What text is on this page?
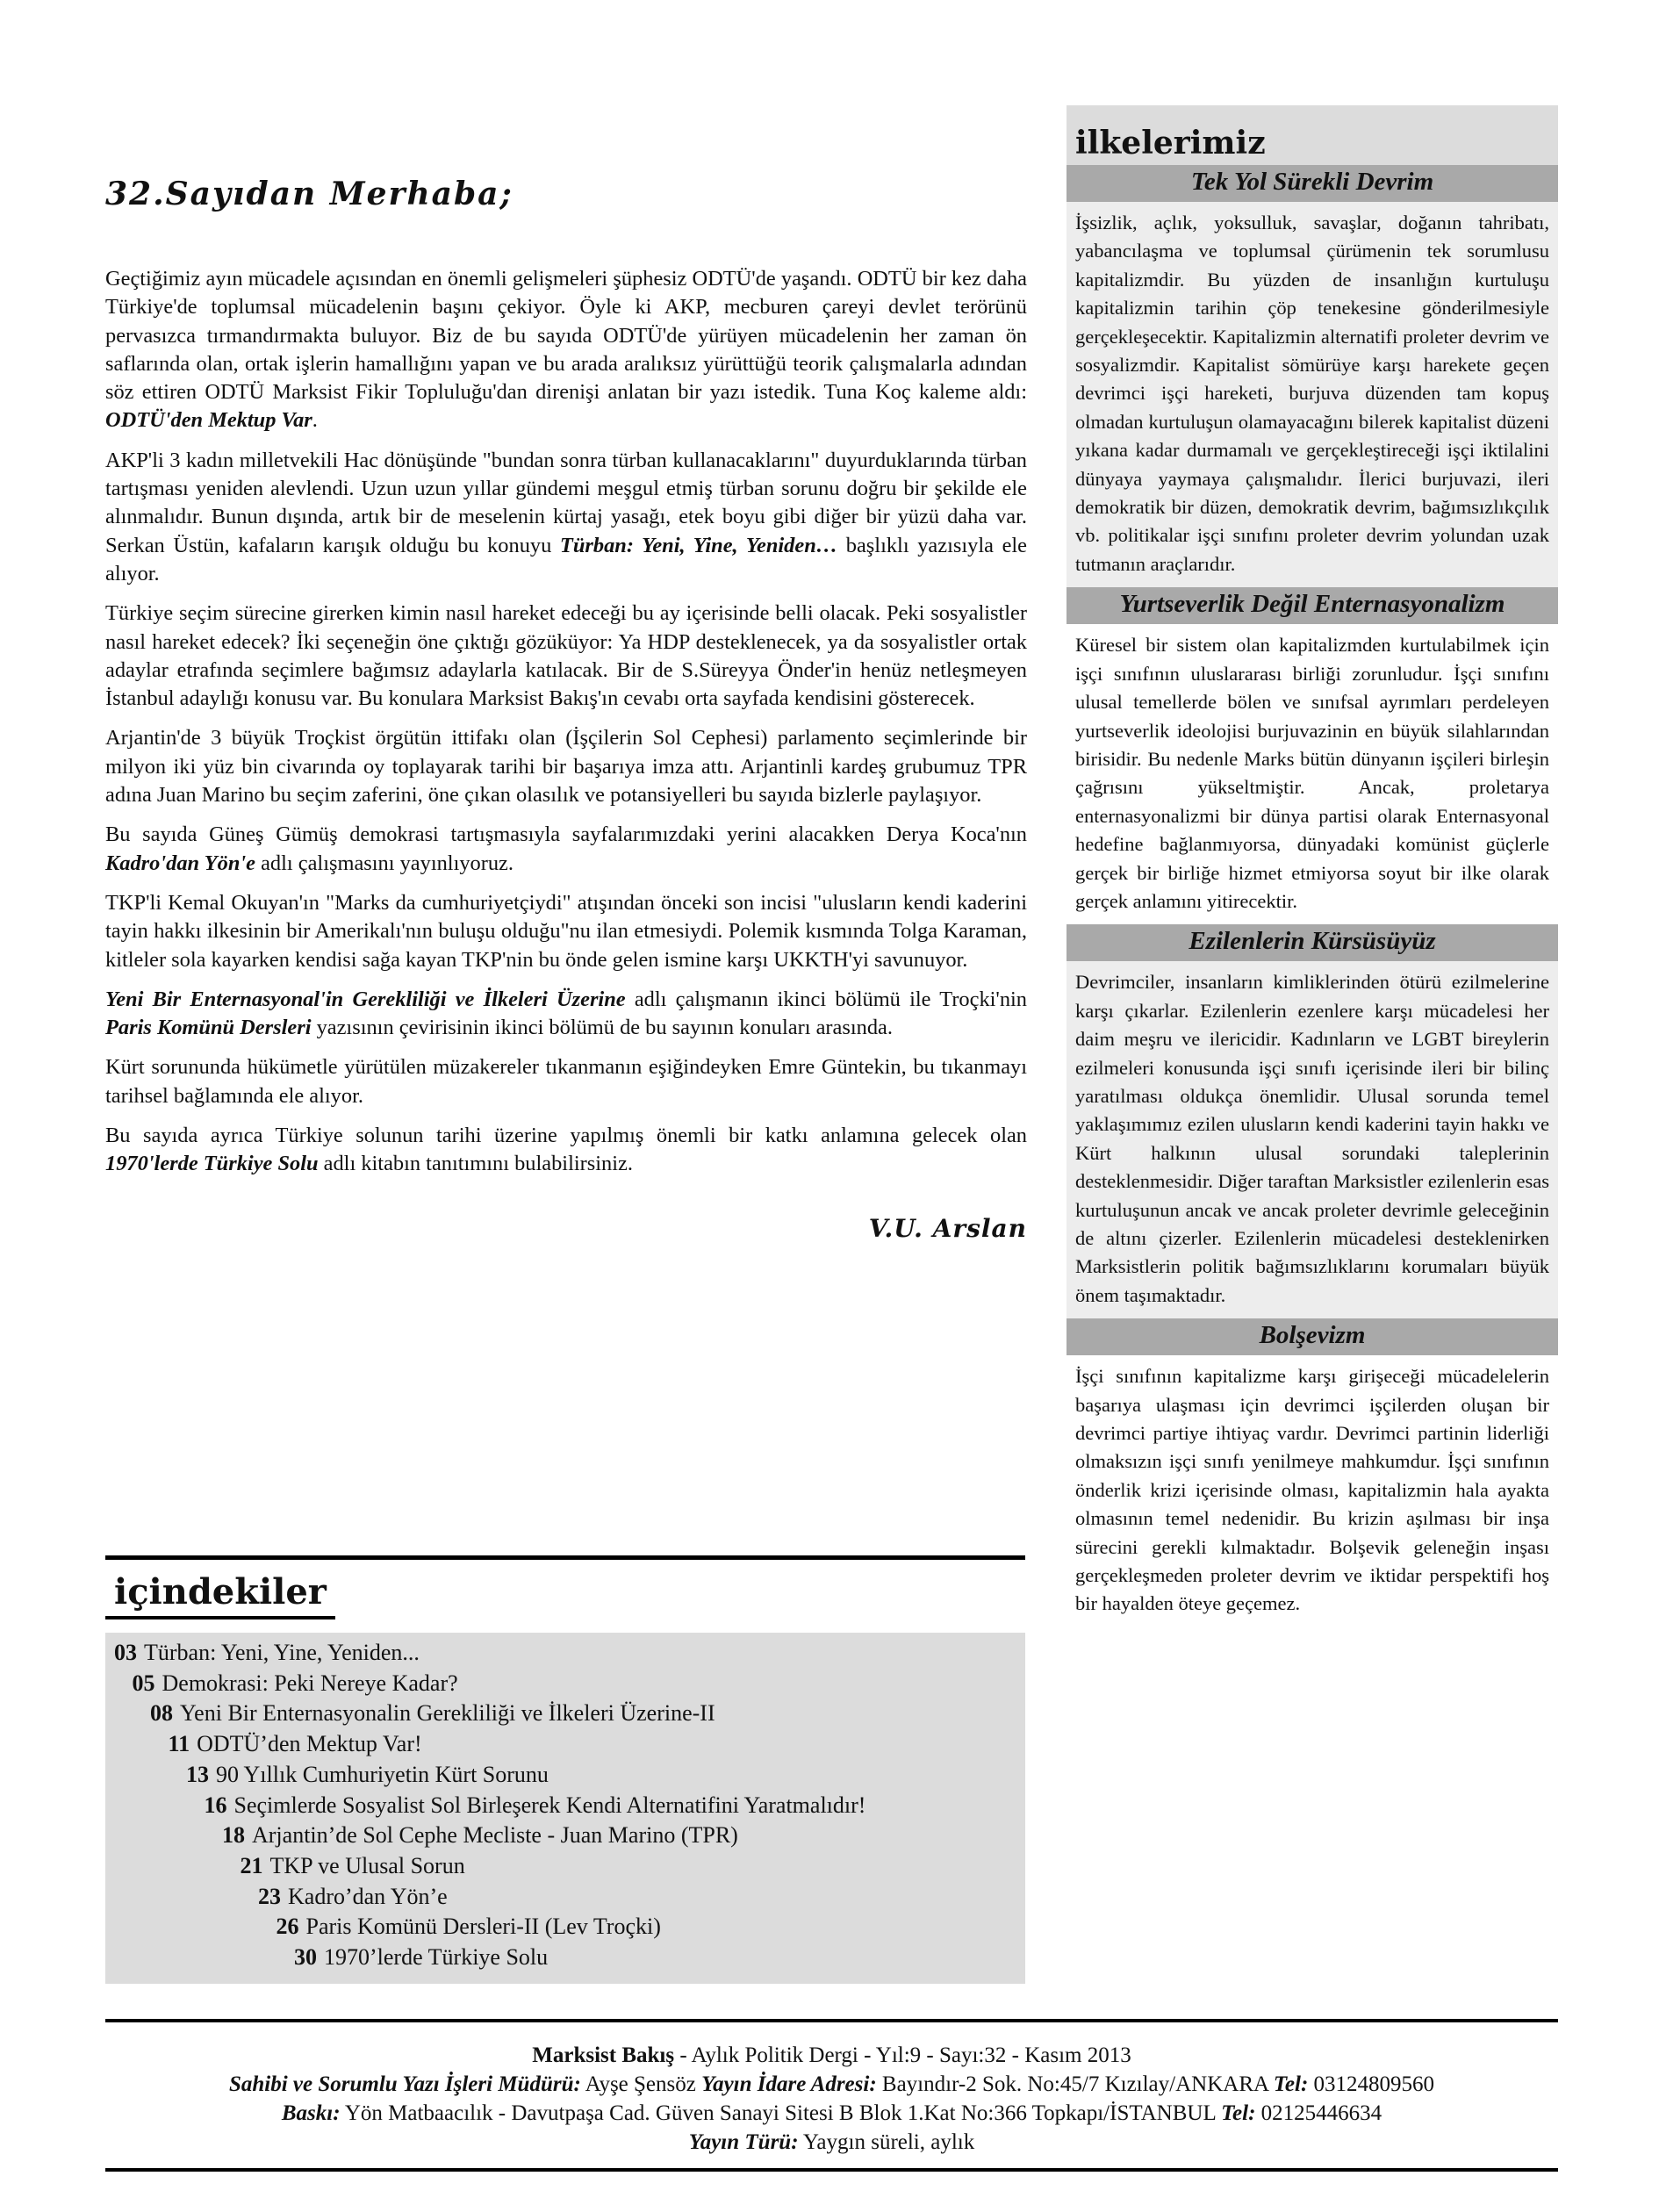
32.Sayıdan Merhaba;

Geçtiğimiz ayın mücadele açısından en önemli gelişmeleri şüphesiz ODTÜ'de yaşandı. ODTÜ bir kez daha Türkiye'de toplumsal mücadelenin başını çekiyor. Öyle ki AKP, mecburen çareyi devlet terörünü pervasızca tırmandırmakta buluyor. Biz de bu sayıda ODTÜ'de yürüyen mücadelenin her zaman ön saflarında olan, ortak işlerin hamallığını yapan ve bu arada aralıksız yürüttüğü teorik çalışmalarla adından söz ettiren ODTÜ Marksist Fikir Topluluğu'dan direnişi anlatan bir yazı istedik. Tuna Koç kaleme aldı: ODTÜ'den Mektup Var.

AKP'li 3 kadın milletvekili Hac dönüşünde "bundan sonra türban kullanacaklarını" duyurduklarında türban tartışması yeniden alevlendi. Uzun uzun yıllar gündemi meşgul etmiş türban sorunu doğru bir şekilde ele alınmalıdır. Bunun dışında, artık bir de meselenin kürtaj yasağı, etek boyu gibi diğer bir yüzü daha var. Serkan Üstün, kafaların karışık olduğu bu konuyu Türban: Yeni, Yine, Yeniden… başlıklı yazısıyla ele alıyor.

Türkiye seçim sürecine girerken kimin nasıl hareket edeceği bu ay içerisinde belli olacak. Peki sosyalistler nasıl hareket edecek? İki seçeneğin öne çıktığı gözüküyor: Ya HDP desteklenecek, ya da sosyalistler ortak adaylar etrafında seçimlere bağımsız adaylarla katılacak. Bir de S.Süreyya Önder'in henüz netleşmeyen İstanbul adaylığı konusu var. Bu konulara Marksist Bakış'ın cevabı orta sayfada kendisini gösterecek.

Arjantin'de 3 büyük Troçkist örgütün ittifakı olan (İşçilerin Sol Cephesi) parlamento seçimlerinde bir milyon iki yüz bin civarında oy toplayarak tarihi bir başarıya imza attı. Arjantinli kardeş grubumuz TPR adına Juan Marino bu seçim zaferini, öne çıkan olasılık ve potansiyelleri bu sayıda bizlerle paylaşıyor.

Bu sayıda Güneş Gümüş demokrasi tartışmasıyla sayfalarımızdaki yerini alacakken Derya Koca'nın Kadro'dan Yön'e adlı çalışmasını yayınlıyoruz.

TKP'li Kemal Okuyan'ın "Marks da cumhuriyetçiydi" atışından önceki son incisi "ulusların kendi kaderini tayin hakkı ilkesinin bir Amerikalı'nın buluşu olduğu"nu ilan etmesiydi. Polemik kısmında Tolga Karaman, kitleler sola kayarken kendisi sağa kayan TKP'nin bu önde gelen ismine karşı UKKTH'yi savunuyor.

Yeni Bir Enternasyonal'in Gerekliliği ve İlkeleri Üzerine adlı çalışmanın ikinci bölümü ile Troçki'nin Paris Komünü Dersleri yazısının çevirisinin ikinci bölümü de bu sayının konuları arasında.

Kürt sorununda hükümetle yürütülen müzakereler tıkanmanın eşiğindeyken Emre Güntekin, bu tıkanmayı tarihsel bağlamında ele alıyor.

Bu sayıda ayrıca Türkiye solunun tarihi üzerine yapılmış önemli bir katkı anlamına gelecek olan 1970'lerde Türkiye Solu adlı kitabın tanıtımını bulabilirsiniz.

V.U. Arslan
içindekiler
03 Türban: Yeni, Yine, Yeniden...
05 Demokrasi: Peki Nereye Kadar?
08 Yeni Bir Enternasyonalin Gerekliliği ve İlkeleri Üzerine-II
11 ODTÜ’den Mektup Var!
13 90 Yıllık Cumhuriyetin Kürt Sorunu
16 Seçimlerde Sosyalist Sol Birleşerek Kendi Alternatifini Yaratmalıdır!
18 Arjantin’de Sol Cephe Mecliste - Juan Marino (TPR)
21 TKP ve Ulusal Sorun
23 Kadro’dan Yön’e
26 Paris Komünü Dersleri-II (Lev Troçki)
30 1970’lerde Türkiye Solu
ilkelerimiz
Tek Yol Sürekli Devrim

İşsizlik, açlık, yoksulluk, savaşlar, doğanın tahribatı, yabancılaşma ve toplumsal çürümenin tek sorumlusu kapitalizmdir. Bu yüzden de insanlığın kurtuluşu kapitalizmin tarihin çöp tenekesine gönderilmesiyle gerçekleşecektir. Kapitalizmin alternatifi proleter devrim ve sosyalizmdir. Kapitalist sömürüye karşı harekete geçen devrimci işçi hareketi, burjuva düzenden tam kopuş olmadan kurtuluşun olamayacağını bilerek kapitalist düzeni yıkana kadar durmamalı ve gerçekleştireceği işçi iktilalini dünyaya yaymaya çalışmalıdır. İlerici burjuvazi, ileri demokratik bir düzen, demokratik devrim, bağımsızlıkçılık vb. politikalar işçi sınıfını proleter devrim yolundan uzak tutmanın araçlarıdır.

Yurtseverlik Değil Enternasyonalizm

Küresel bir sistem olan kapitalizmden kurtulabilmek için işçi sınıfının uluslararası birliği zorunludur. İşçi sınıfını ulusal temellerde bölen ve sınıfsal ayrımları perdeleyen yurtseverlik ideolojisi burjuvazinin en büyük silahlarından birisidir. Bu nedenle Marks bütün dünyanın işçileri birleşin çağrısını yükseltmiştir. Ancak, proletarya enternasyonalizmi bir dünya partisi olarak Enternasyonal hedefine bağlanmıyorsa, dünyadaki komünist güçlerle gerçek bir birliğe hizmet etmiyorsa soyut bir ilke olarak gerçek anlamını yitirecektir.

Ezilenlerin Kürsüsüyüz

Devrimciler, insanların kimliklerinden ötürü ezilmelerine karşı çıkarlar. Ezilenlerin ezenlere karşı mücadelesi her daim meşru ve ilericidir. Kadınların ve LGBT bireylerin ezilmeleri konusunda işçi sınıfı içerisinde ileri bir bilinç yaratılması oldukça önemlidir. Ulusal sorunda temel yaklaşımımız ezilen ulusların kendi kaderini tayin hakkı ve Kürt halkının ulusal sorundaki taleplerinin desteklenmesidir. Diğer taraftan Marksistler ezilenlerin esas kurtuluşunun ancak ve ancak proleter devrimle geleceğinin de altını çizerler. Ezilenlerin mücadelesi desteklenirken Marksistlerin politik bağımsızlıklarını korumaları büyük önem taşımaktadır.

Bolşevizm

İşçi sınıfının kapitalizme karşı girişeceği mücadelelerin başarıya ulaşması için devrimci işçilerden oluşan bir devrimci partiye ihtiyaç vardır. Devrimci partinin liderliği olmaksızın işçi sınıfı yenilmeye mahkumdur. İşçi sınıfının önderlik krizi içerisinde olması, kapitalizmin hala ayakta olmasının temel nedenidir. Bu krizin aşılması bir inşa sürecini gerekli kılmaktadır. Bolşevik geleneğin inşası gerçekleşmeden proleter devrim ve iktidar perspektifi hoş bir hayalden öteye geçemez.

Marksist Bakış - Aylık Politik Dergi - Yıl:9 - Sayı:32 - Kasım 2013
Sahibi ve Sorumlu Yazı İşleri Müdürü: Ayşe Şensöz Yayın İdare Adresi: Bayındır-2 Sok. No:45/7 Kızılay/ANKARA Tel: 03124809560
Baskı: Yön Matbaacılık - Davutpaşa Cad. Güven Sanayi Sitesi B Blok 1.Kat No:366 Topkapı/İSTANBUL Tel: 02125446634
Yayın Türü: Yaygın süreli, aylık
